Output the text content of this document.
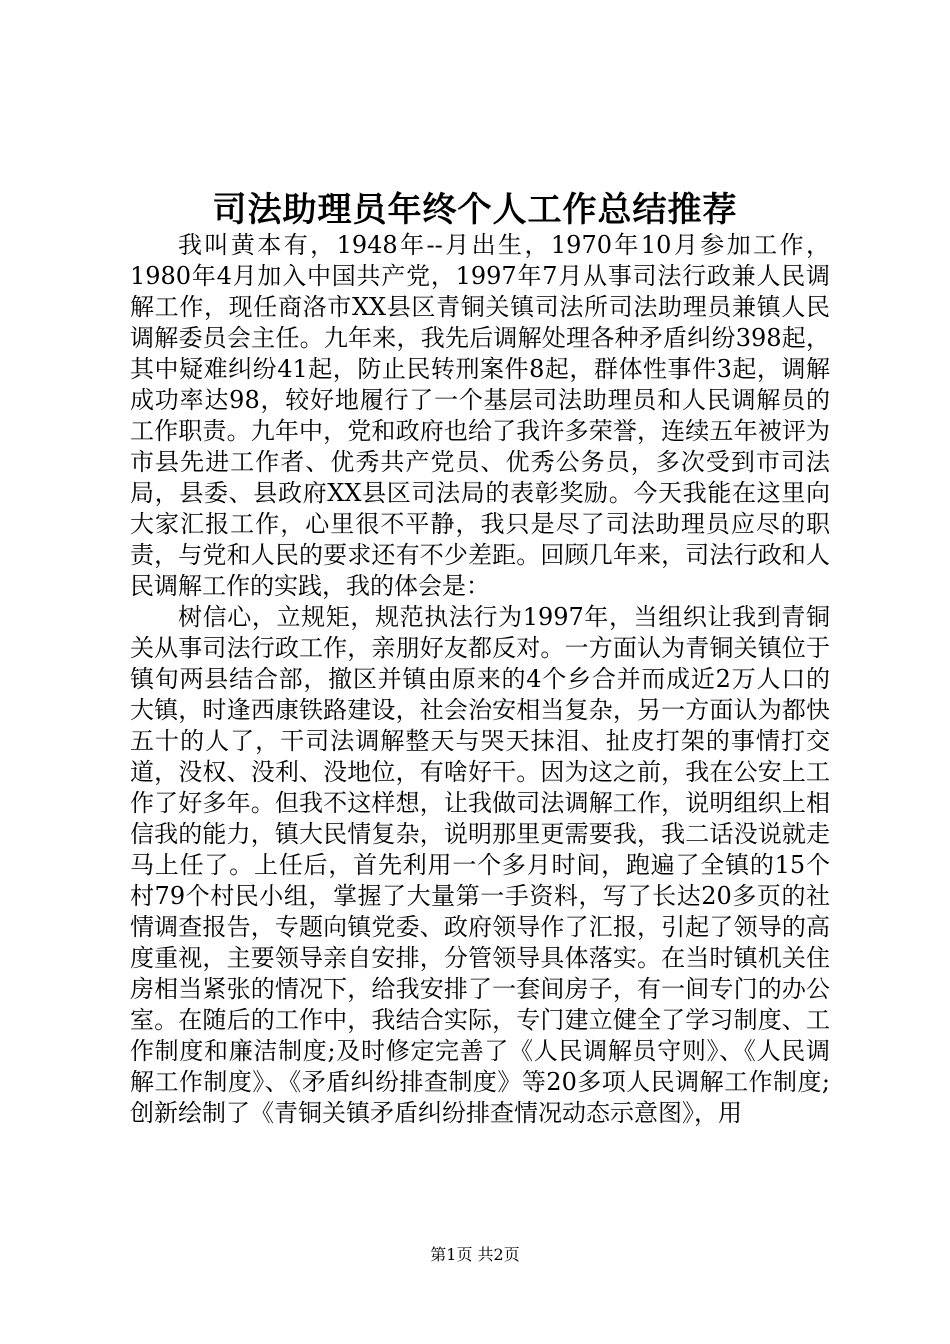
司法助理员年终个人工作总结推荐

我叫黄本有，1948年--月出生，1970年10月参加工作，1980年4月加入中国共产党，1997年7月从事司法行政兼人民调解工作，现任商洛市XX县区青铜关镇司法所司法助理员兼镇人民调解委员会主任。九年来，我先后调解处理各种矛盾纠纷398起，其中疑难纠纷41起，防止民转刑案件8起，群体性事件3起，调解成功率达98，较好地履行了一个基层司法助理员和人民调解员的工作职责。九年中，党和政府也给了我许多荣誉，连续五年被评为市县先进工作者、优秀共产党员、优秀公务员，多次受到市司法局，县委、县政府XX县区司法局的表彰奖励。今天我能在这里向大家汇报工作，心里很不平静，我只是尽了司法助理员应尽的职责，与党和人民的要求还有不少差距。回顾几年来，司法行政和人民调解工作的实践，我的体会是：

树信心，立规矩，规范执法行为1997年，当组织让我到青铜关从事司法行政工作，亲朋好友都反对。一方面认为青铜关镇位于镇旬两县结合部，撤区并镇由原来的4个乡合并而成近2万人口的大镇，时逢西康铁路建设，社会治安相当复杂，另一方面认为都快五十的人了，干司法调解整天与哭天抹泪、扯皮打架的事情打交道，没权、没利、没地位，有啥好干。因为这之前，我在公安上工作了好多年。但我不这样想，让我做司法调解工作，说明组织上相信我的能力，镇大民情复杂，说明那里更需要我，我二话没说就走马上任了。上任后，首先利用一个多月时间，跑遍了全镇的15个村79个村民小组，掌握了大量第一手资料，写了长达20多页的社情调查报告，专题向镇党委、政府领导作了汇报，引起了领导的高度重视，主要领导亲自安排，分管领导具体落实。在当时镇机关住房相当紧张的情况下，给我安排了一套间房子，有一间专门的办公室。在随后的工作中，我结合实际，专门建立健全了学习制度、工作制度和廉洁制度;及时修定完善了《人民调解员守则》、《人民调解工作制度》、《矛盾纠纷排查制度》等20多项人民调解工作制度;创新绘制了《青铜关镇矛盾纠纷排查情况动态示意图》，用

第1页 共2页
